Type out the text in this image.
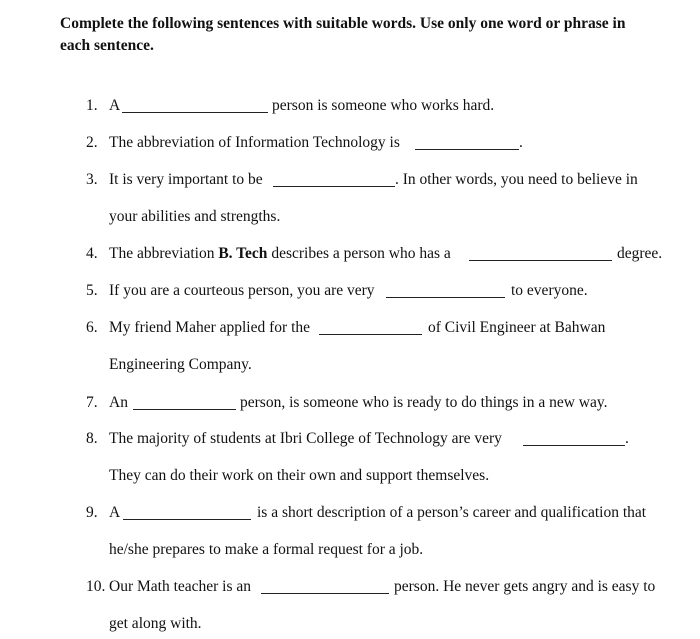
Complete the following sentences with suitable words. Use only one word or phrase in
each sentence.
1. A	person is someone who works hard.
2. The abbreviation of Information Technology is	.
3. It is very important to be	. In other words, you need to believe in
your abilities and strengths.
4. The abbreviation B. Tech describes a person who has a	degree.
5. If you are a courteous person, you are very	to everyone.
6. My friend Maher applied for the	of Civil Engineer at Bahwan
Engineering Company.
7. An	person, is someone who is ready to do things in a new way.
8. The majority of students at Ibri College of Technology are very	.
They can do their work on their own and support themselves.
9. A	is a short description of a person’s career and qualification that
he/she prepares to make a formal request for a job.
10. Our Math teacher is an	person. He never gets angry and is easy to
get along with.
